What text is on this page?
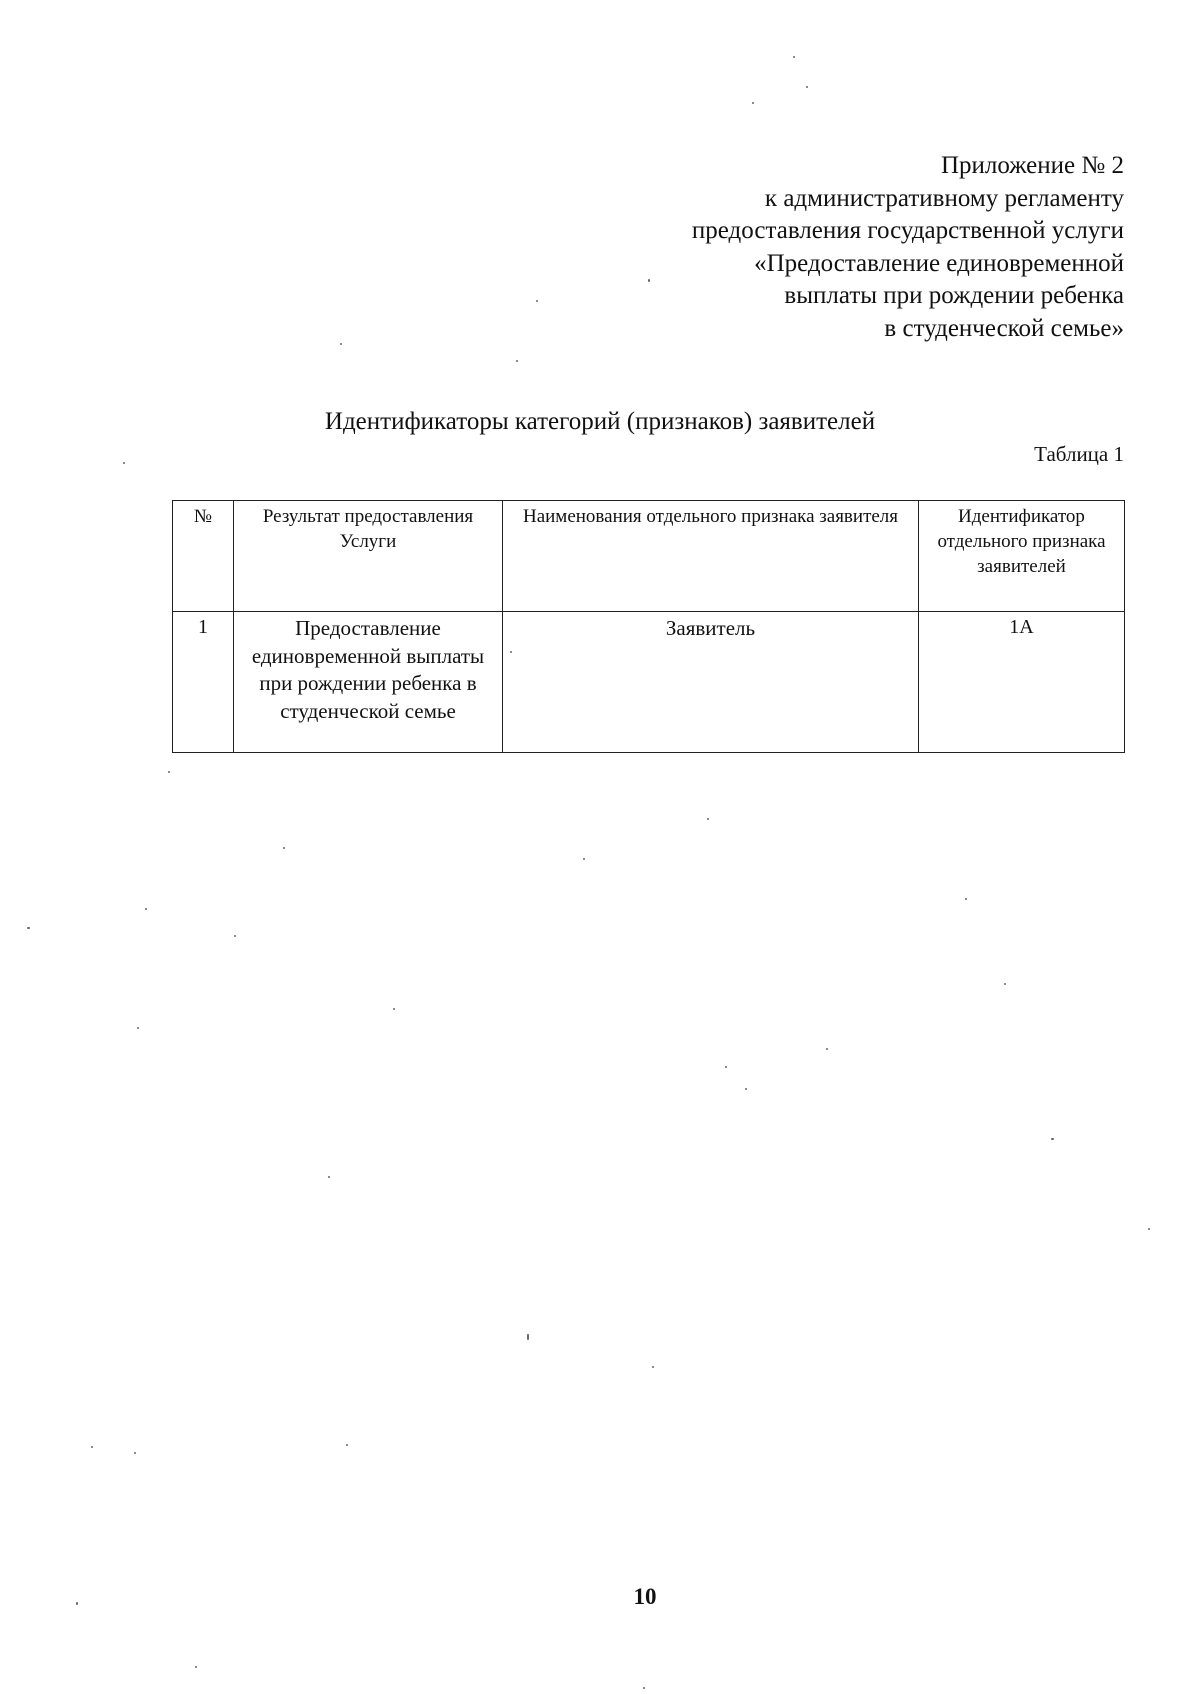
Приложение № 2
к административному регламенту
предоставления государственной услуги
«Предоставление единовременной
выплаты при рождении ребенка
в студенческой семье»
Идентификаторы категорий (признаков) заявителей
Таблица 1
№	Результат предоставления Услуги	Наименования отдельного признака заявителя	Идентификатор отдельного признака заявителей
1	Предоставление единовременной выплаты при рождении ребенка в студенческой семье	Заявитель	1А
10
